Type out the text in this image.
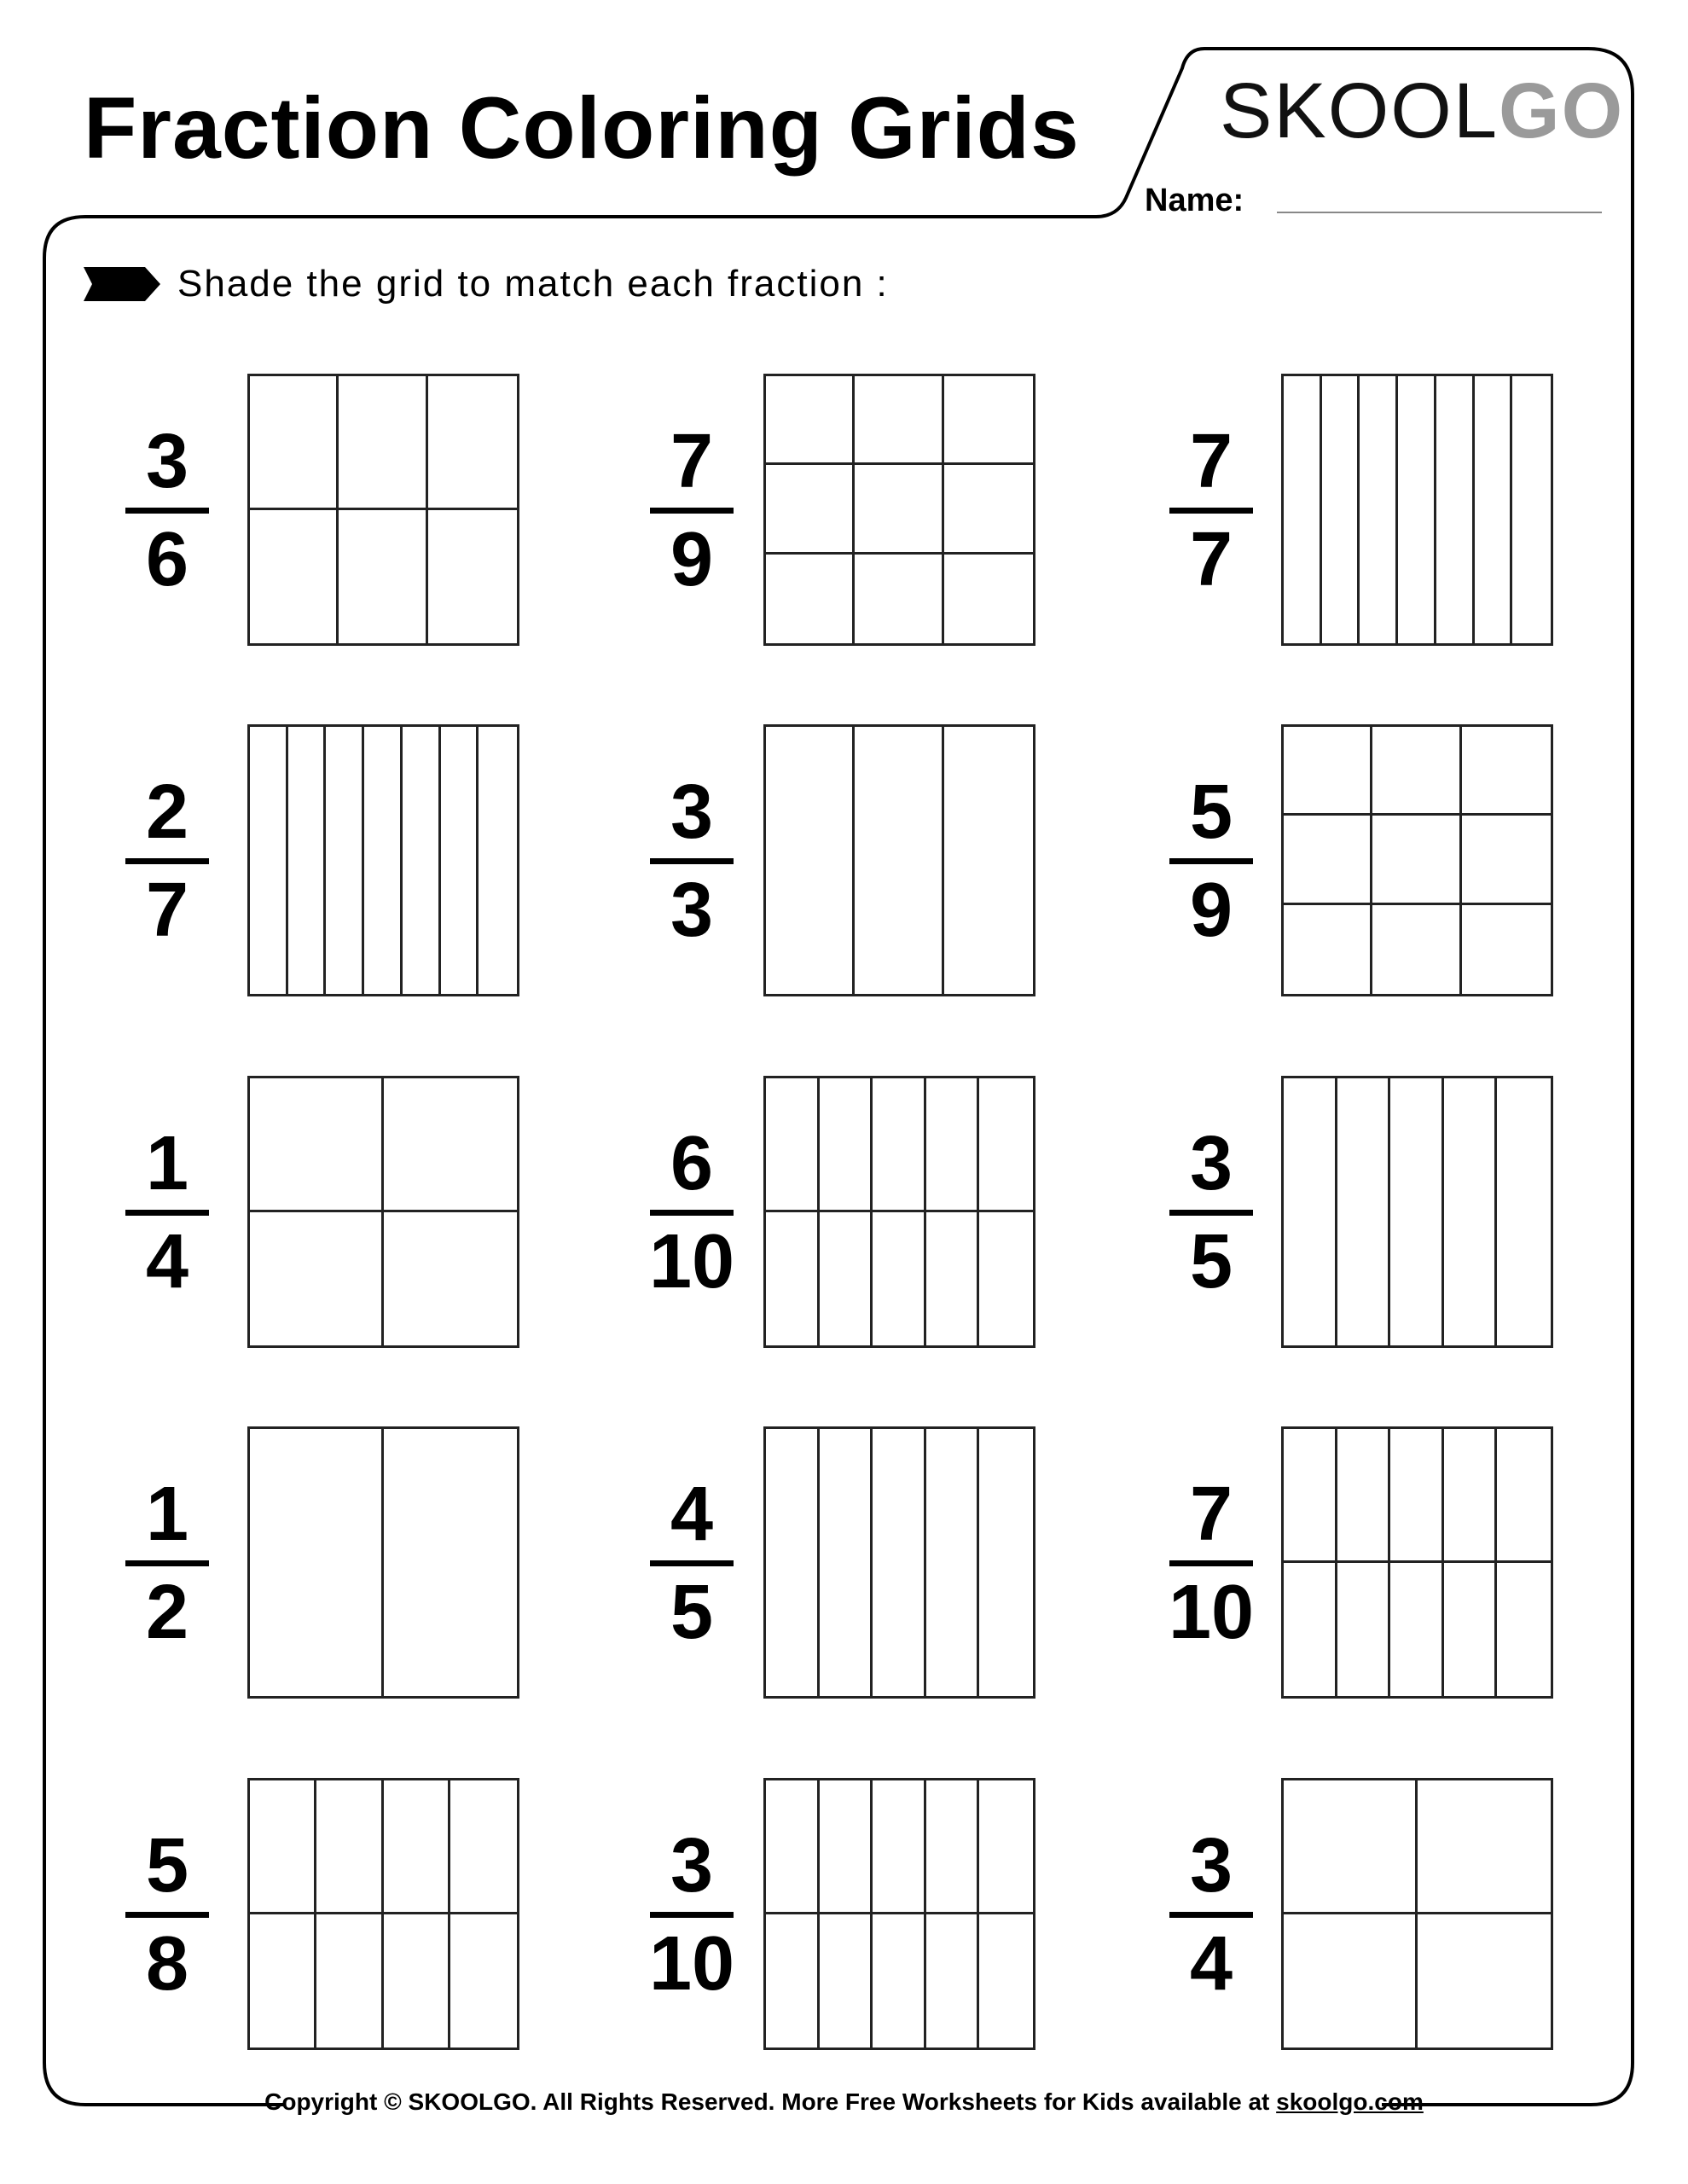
Fraction Coloring Grids SKOOLGO
Name:
Shade the grid to match each fraction :
3
6
7
9
7
7
2
7
3
3
5
9
1
4
6
10
3
5
1
2
4
5
7
10
5
8
3
10
3
4
Copyright © SKOOLGO. All Rights Reserved. More Free Worksheets for Kids available at skoolgo.com
